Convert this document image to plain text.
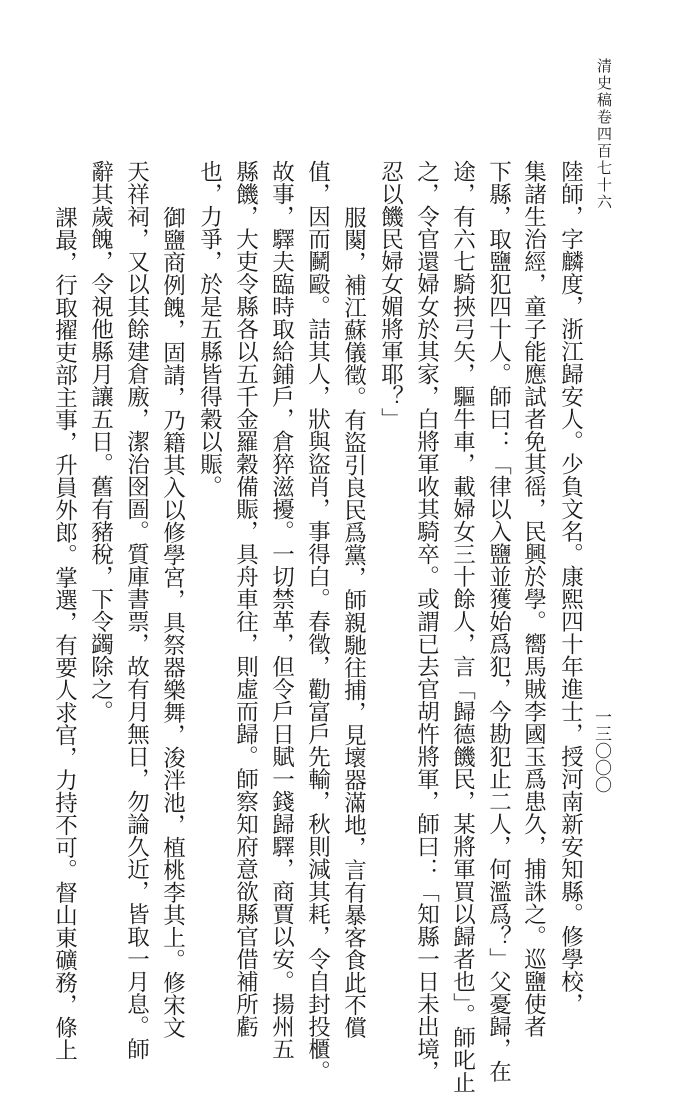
清史稿卷四百七十六
一三〇〇〇
陸師，字麟度，浙江歸安人。少負文名。康熙四十年進士，授河南新安知縣。修學校，
集諸生治經，童子能應試者免其徭，民興於學。嚮馬賊李國玉爲患久，捕誅之。巡鹽使者
下縣，取鹽犯四十人。師曰：「律以入鹽並獲始爲犯，今勘犯止二人，何濫爲？」父憂歸，在
途，有六七騎挾弓矢，驅牛車，載婦女三十餘人，言「歸德饑民，某將軍買以歸者也」。師叱止
之，令官還婦女於其家，白將軍收其騎卒。或謂已去官胡忤將軍，師曰：「知縣一日未出境，
忍以饑民婦女媚將軍耶？」
服闋，補江蘇儀徵。有盜引良民爲黨，師親馳往捕，見壞器滿地，言有暴客食此不償
值，因而鬭毆。詰其人，狀與盜肖，事得白。春徵，勸富戶先輸，秋則減其耗，令自封投櫃。
故事，驛夫臨時取給鋪戶，倉猝滋擾。一切禁革，但令戶日賦一錢歸驛，商賈以安。揚州五
縣饑，大吏令縣各以五千金羅穀備賑，具舟車往，則虛而歸。師察知府意欲縣官借補所虧
也，力爭，於是五縣皆得穀以賑。
御鹽商例餽，固請，乃籍其入以修學宮，具祭器樂舞，浚泮池，植桃李其上。修宋文
天祥祠，又以其餘建倉廒，潔治囹圄。質庫書票，故有月無日，勿論久近，皆取一月息。師
辭其歲餽，令視他縣月讓五日。舊有豬稅，下令蠲除之。
課最，行取擢吏部主事，升員外郎。掌選，有要人求官，力持不可。督山東礦務，條上
